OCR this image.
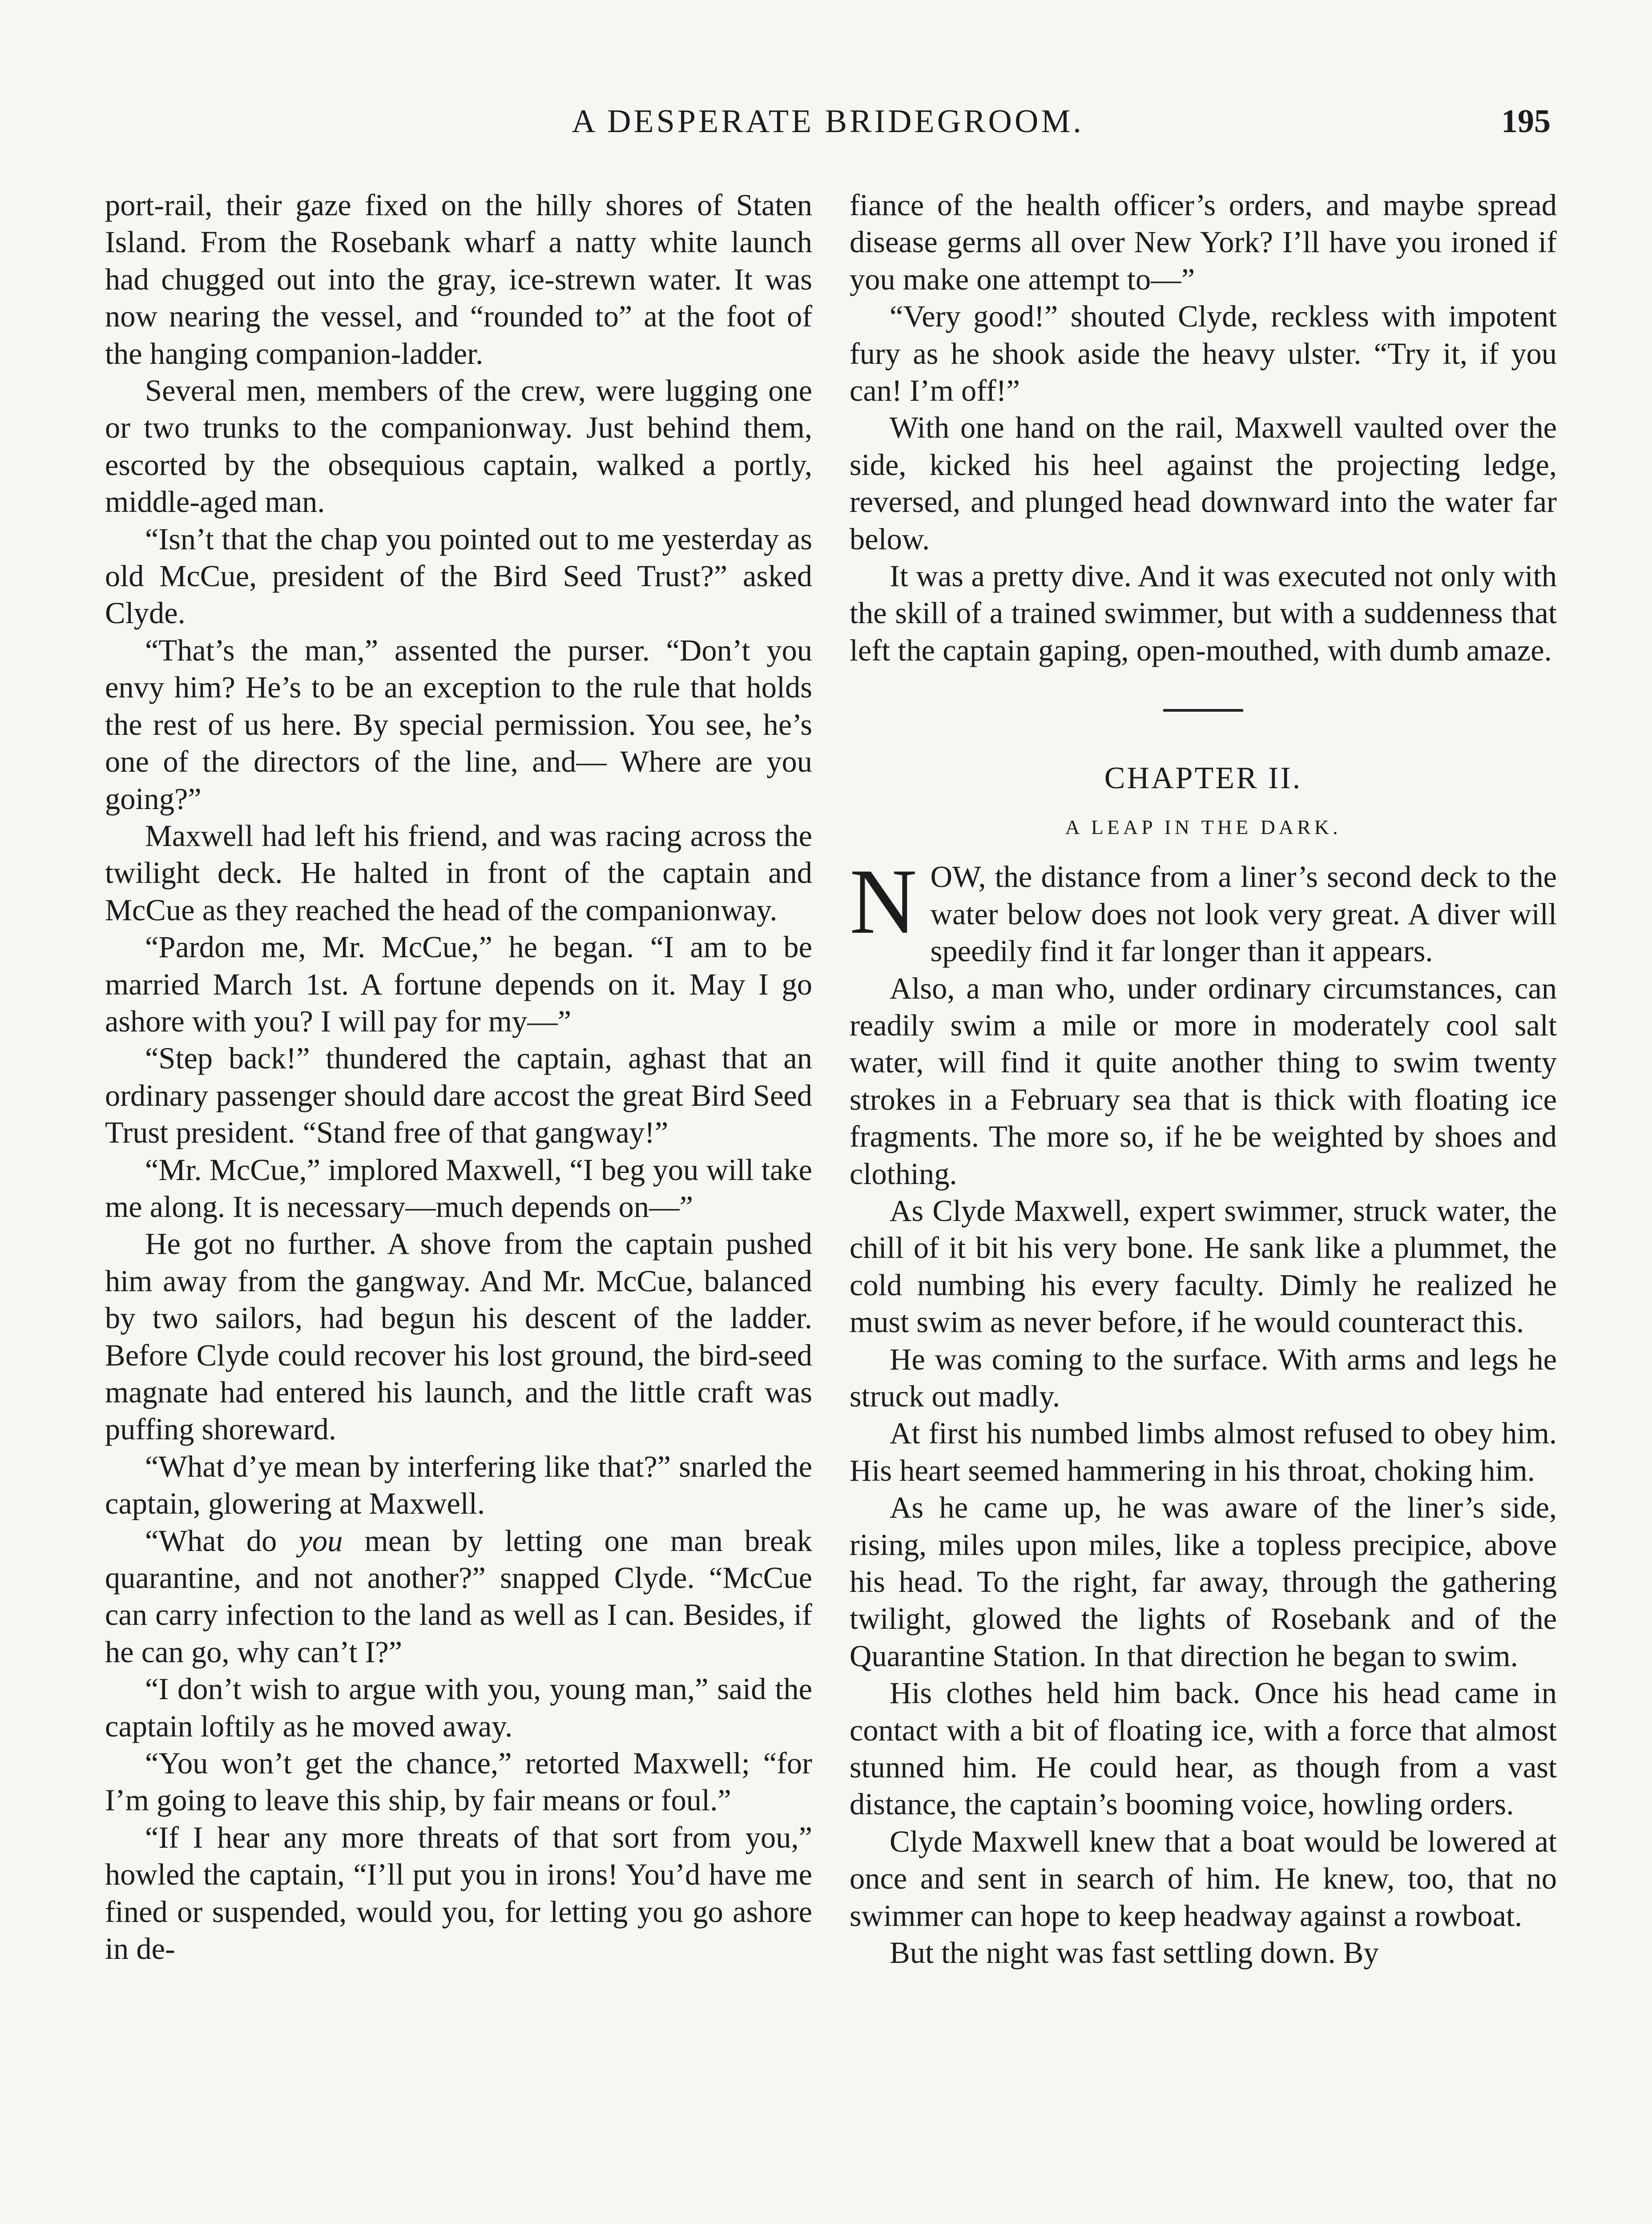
A DESPERATE BRIDEGROOM.	195

port-rail, their gaze fixed on the hilly shores of Staten Island. From the Rosebank wharf a natty white launch had chugged out into the gray, ice-strewn water. It was now nearing the vessel, and “rounded to” at the foot of the hanging companion-ladder.

Several men, members of the crew, were lugging one or two trunks to the companionway. Just behind them, escorted by the obsequious captain, walked a portly, middle-aged man.

“Isn’t that the chap you pointed out to me yesterday as old McCue, president of the Bird Seed Trust?” asked Clyde.

“That’s the man,” assented the purser. “Don’t you envy him? He’s to be an exception to the rule that holds the rest of us here. By special permission. You see, he’s one of the directors of the line, and— Where are you going?”

Maxwell had left his friend, and was racing across the twilight deck. He halted in front of the captain and McCue as they reached the head of the companionway.

“Pardon me, Mr. McCue,” he began. “I am to be married March 1st. A fortune depends on it. May I go ashore with you? I will pay for my—”

“Step back!” thundered the captain, aghast that an ordinary passenger should dare accost the great Bird Seed Trust president. “Stand free of that gangway!”

“Mr. McCue,” implored Maxwell, “I beg you will take me along. It is necessary—much depends on—”

He got no further. A shove from the captain pushed him away from the gangway. And Mr. McCue, balanced by two sailors, had begun his descent of the ladder. Before Clyde could recover his lost ground, the bird-seed magnate had entered his launch, and the little craft was puffing shoreward.

“What d’ye mean by interfering like that?” snarled the captain, glowering at Maxwell.

“What do you mean by letting one man break quarantine, and not another?” snapped Clyde. “McCue can carry infection to the land as well as I can. Besides, if he can go, why can’t I?”

“I don’t wish to argue with you, young man,” said the captain loftily as he moved away.

“You won’t get the chance,” retorted Maxwell; “for I’m going to leave this ship, by fair means or foul.”

“If I hear any more threats of that sort from you,” howled the captain, “I’ll put you in irons! You’d have me fined or suspended, would you, for letting you go ashore in de-

fiance of the health officer’s orders, and maybe spread disease germs all over New York? I’ll have you ironed if you make one attempt to—”

“Very good!” shouted Clyde, reckless with impotent fury as he shook aside the heavy ulster. “Try it, if you can! I’m off!”

With one hand on the rail, Maxwell vaulted over the side, kicked his heel against the projecting ledge, reversed, and plunged head downward into the water far below.

It was a pretty dive. And it was executed not only with the skill of a trained swimmer, but with a suddenness that left the captain gaping, open-mouthed, with dumb amaze.

CHAPTER II.
A LEAP IN THE DARK.

NOW, the distance from a liner’s second deck to the water below does not look very great. A diver will speedily find it far longer than it appears.

Also, a man who, under ordinary circumstances, can readily swim a mile or more in moderately cool salt water, will find it quite another thing to swim twenty strokes in a February sea that is thick with floating ice fragments. The more so, if he be weighted by shoes and clothing.

As Clyde Maxwell, expert swimmer, struck water, the chill of it bit his very bone. He sank like a plummet, the cold numbing his every faculty. Dimly he realized he must swim as never before, if he would counteract this.

He was coming to the surface. With arms and legs he struck out madly.

At first his numbed limbs almost refused to obey him. His heart seemed hammering in his throat, choking him.

As he came up, he was aware of the liner’s side, rising, miles upon miles, like a topless precipice, above his head. To the right, far away, through the gathering twilight, glowed the lights of Rosebank and of the Quarantine Station. In that direction he began to swim.

His clothes held him back. Once his head came in contact with a bit of floating ice, with a force that almost stunned him. He could hear, as though from a vast distance, the captain’s booming voice, howling orders.

Clyde Maxwell knew that a boat would be lowered at once and sent in search of him. He knew, too, that no swimmer can hope to keep headway against a rowboat.

But the night was fast settling down. By
